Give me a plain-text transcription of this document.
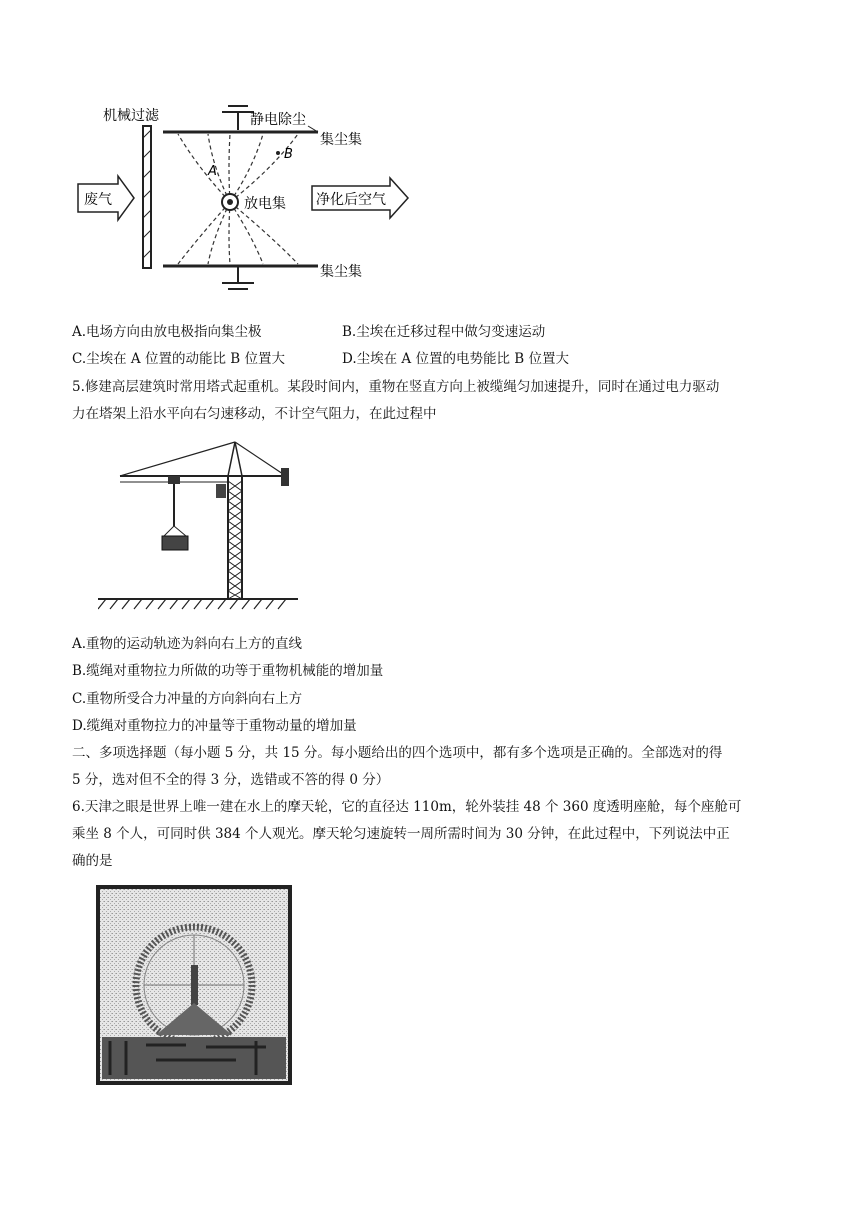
机械过滤	静电除尘
集尘集
集尘集
放电集
A
B
废气	净化后空气
A.电场方向由放电极指向集尘极	B.尘埃在迁移过程中做匀变速运动
C.尘埃在 A 位置的动能比 B 位置大	D.尘埃在 A 位置的电势能比 B 位置大
5.修建高层建筑时常用塔式起重机。某段时间内，重物在竖直方向上被缆绳匀加速提升，同时在通过电力驱动
力在塔架上沿水平向右匀速移动，不计空气阻力，在此过程中
A.重物的运动轨迹为斜向右上方的直线
B.缆绳对重物拉力所做的功等于重物机械能的增加量
C.重物所受合力冲量的方向斜向右上方
D.缆绳对重物拉力的冲量等于重物动量的增加量
二、多项选择题（每小题 5 分，共 15 分。每小题给出的四个选项中，都有多个选项是正确的。全部选对的得
5 分，选对但不全的得 3 分，选错或不答的得 0 分）
6.天津之眼是世界上唯一建在水上的摩天轮，它的直径达 110m，轮外装挂 48 个 360 度透明座舱，每个座舱可
乘坐 8 个人，可同时供 384 个人观光。摩天轮匀速旋转一周所需时间为 30 分钟，在此过程中，下列说法中正
确的是
